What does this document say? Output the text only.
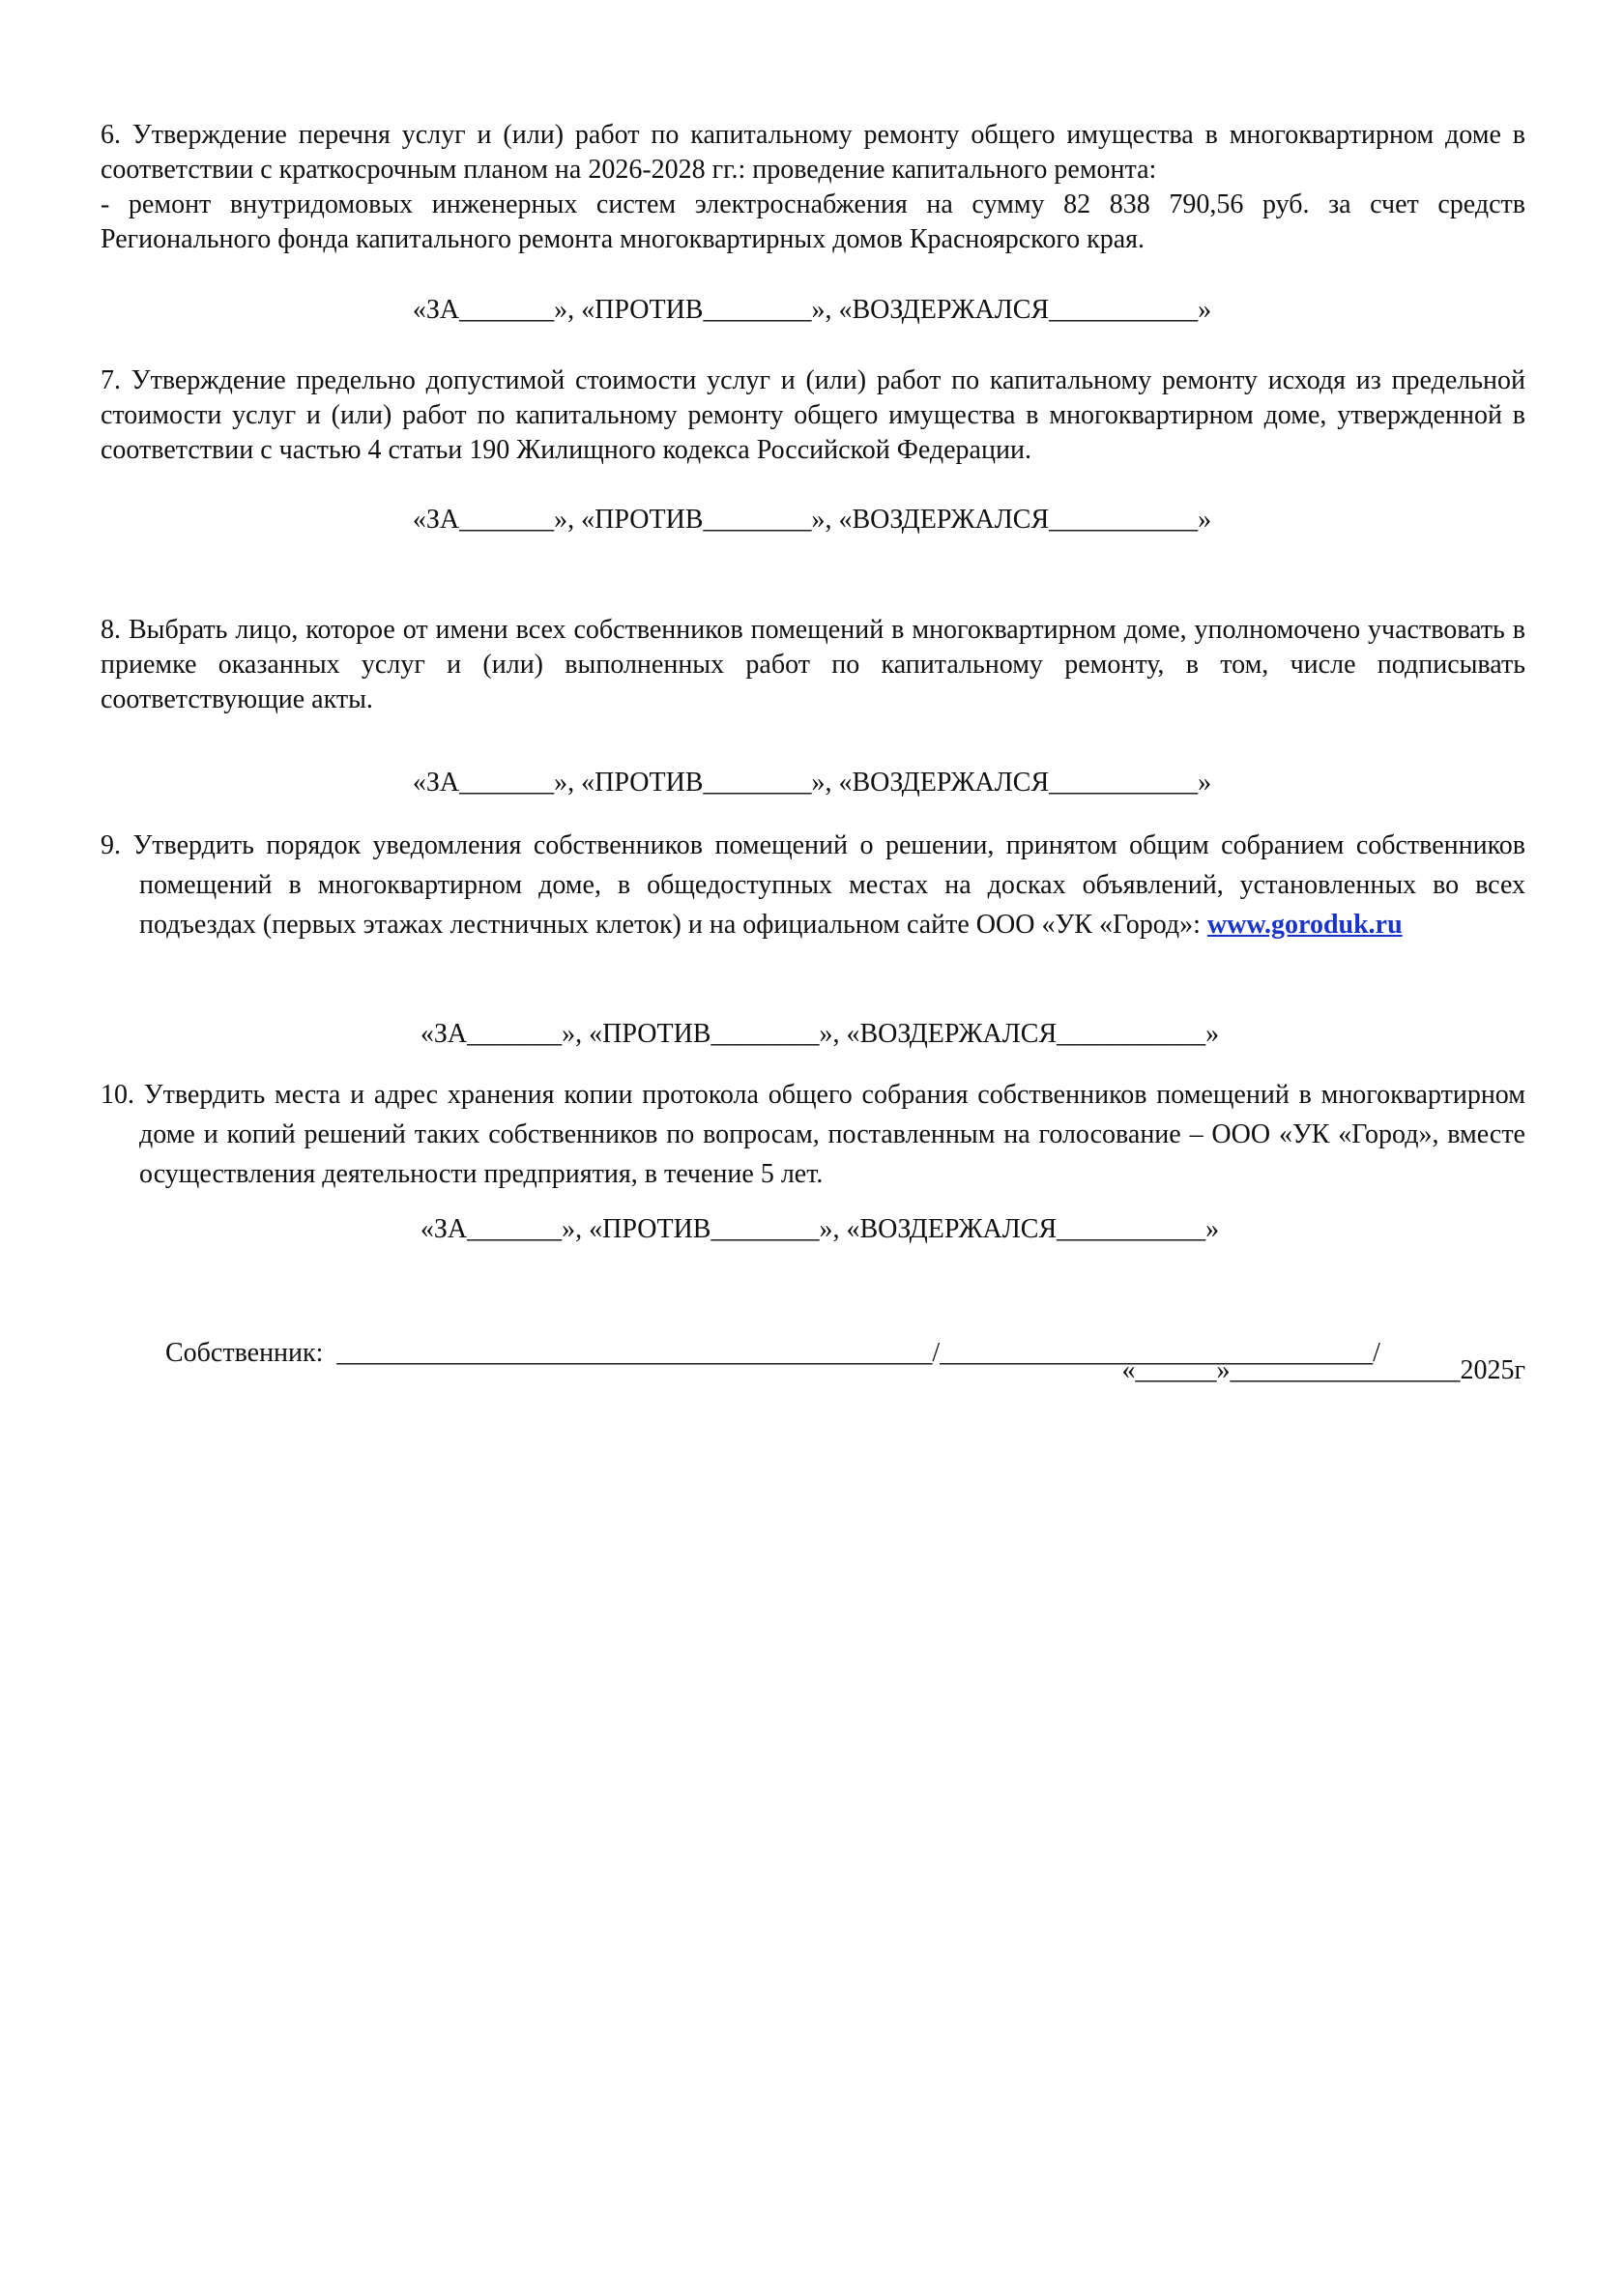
6. Утверждение перечня услуг и (или) работ по капитальному ремонту общего имущества в многоквартирном доме в соответствии с краткосрочным планом на 2026-2028 гг.: проведение капитального ремонта:

- ремонт внутридомовых инженерных систем электроснабжения на сумму 82 838 790,56 руб. за счет средств Регионального фонда капитального ремонта многоквартирных домов Красноярского края.

«ЗА_______», «ПРОТИВ________», «ВОЗДЕРЖАЛСЯ___________»

7. Утверждение предельно допустимой стоимости услуг и (или) работ по капитальному ремонту исходя из предельной стоимости услуг и (или) работ по капитальному ремонту общего имущества в многоквартирном доме, утвержденной в соответствии с частью 4 статьи 190 Жилищного кодекса Российской Федерации.

«ЗА_______», «ПРОТИВ________», «ВОЗДЕРЖАЛСЯ___________»

8. Выбрать лицо, которое от имени всех собственников помещений в многоквартирном доме, уполномочено участвовать в приемке оказанных услуг и (или) выполненных работ по капитальному ремонту, в том, числе подписывать соответствующие акты.

«ЗА_______», «ПРОТИВ________», «ВОЗДЕРЖАЛСЯ___________»

9. Утвердить порядок уведомления собственников помещений о решении, принятом общим собранием собственников помещений в многоквартирном доме, в общедоступных местах на досках объявлений, установленных во всех подъездах (первых этажах лестничных клеток) и на официальном сайте ООО «УК «Город»: www.goroduk.ru

«ЗА_______», «ПРОТИВ________», «ВОЗДЕРЖАЛСЯ___________»

10. Утвердить места и адрес хранения копии протокола общего собрания собственников помещений в многоквартирном доме и копий решений таких собственников по вопросам, поставленным на голосование – ООО «УК «Город», вместе осуществления деятельности предприятия, в течение 5 лет.

«ЗА_______», «ПРОТИВ________», «ВОЗДЕРЖАЛСЯ___________»

Собственник:  ____________________________________________/________________________________/

«______»_________________2025г
